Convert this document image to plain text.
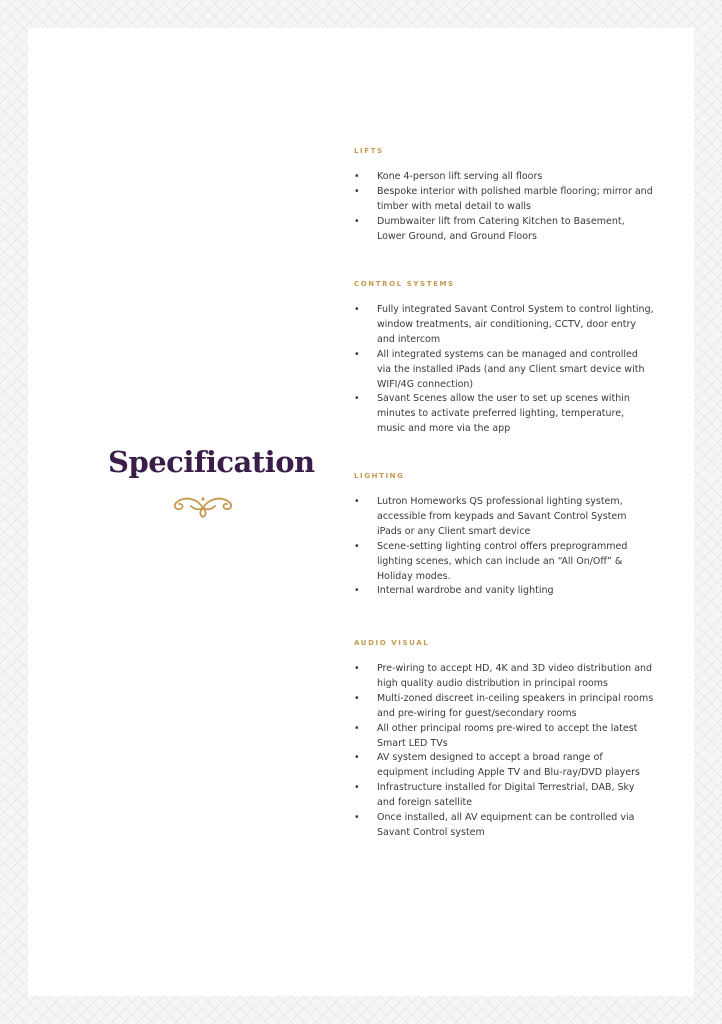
Specification
LIFTS
• Kone 4-person lift serving all floors
• Bespoke interior with polished marble flooring; mirror and timber with metal detail to walls
• Dumbwaiter lift from Catering Kitchen to Basement, Lower Ground, and Ground Floors
CONTROL SYSTEMS
• Fully integrated Savant Control System to control lighting, window treatments, air conditioning, CCTV, door entry and intercom
• All integrated systems can be managed and controlled via the installed iPads (and any Client smart device with WIFI/4G connection)
• Savant Scenes allow the user to set up scenes within minutes to activate preferred lighting, temperature, music and more via the app
LIGHTING
• Lutron Homeworks QS professional lighting system, accessible from keypads and Savant Control System iPads or any Client smart device
• Scene-setting lighting control offers preprogrammed lighting scenes, which can include an “All On/Off” & Holiday modes.
• Internal wardrobe and vanity lighting
AUDIO VISUAL
• Pre-wiring to accept HD, 4K and 3D video distribution and high quality audio distribution in principal rooms
• Multi-zoned discreet in-ceiling speakers in principal rooms and pre-wiring for guest/secondary rooms
• All other principal rooms pre-wired to accept the latest Smart LED TVs
• AV system designed to accept a broad range of equipment including Apple TV and Blu-ray/DVD players
• Infrastructure installed for Digital Terrestrial, DAB, Sky and foreign satellite
• Once installed, all AV equipment can be controlled via Savant Control system
